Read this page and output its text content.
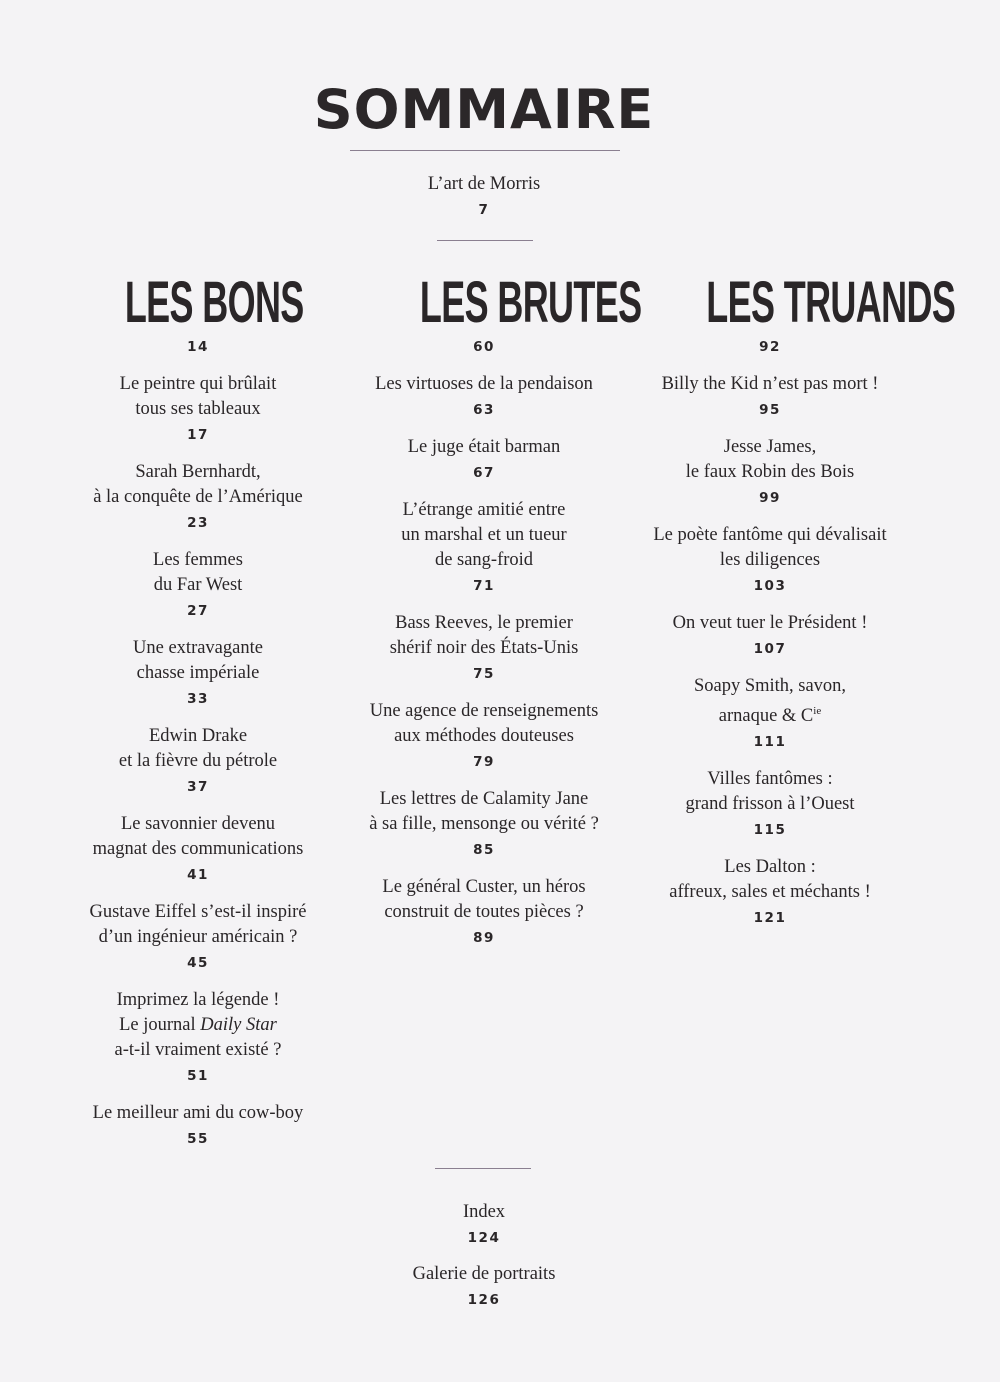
SOMMAIRE
L’art de Morris
7
LES BONS
14
Le peintre qui brûlait
tous ses tableaux
17
Sarah Bernhardt,
à la conquête de l’Amérique
23
Les femmes
du Far West
27
Une extravagante
chasse impériale
33
Edwin Drake
et la fièvre du pétrole
37
Le savonnier devenu
magnat des communications
41
Gustave Eiffel s’est-il inspiré
d’un ingénieur américain ?
45
Imprimez la légende !
Le journal Daily Star
a-t-il vraiment existé ?
51
Le meilleur ami du cow-boy
55
LES BRUTES
60
Les virtuoses de la pendaison
63
Le juge était barman
67
L’étrange amitié entre
un marshal et un tueur
de sang-froid
71
Bass Reeves, le premier
shérif noir des États-Unis
75
Une agence de renseignements
aux méthodes douteuses
79
Les lettres de Calamity Jane
à sa fille, mensonge ou vérité ?
85
Le général Custer, un héros
construit de toutes pièces ?
89
LES TRUANDS
92
Billy the Kid n’est pas mort !
95
Jesse James,
le faux Robin des Bois
99
Le poète fantôme qui dévalisait
les diligences
103
On veut tuer le Président !
107
Soapy Smith, savon,
arnaque & $C^{ie}$
111
Villes fantômes :
grand frisson à l’Ouest
115
Les Dalton :
affreux, sales et méchants !
121
Index
124
Galerie de portraits
126
